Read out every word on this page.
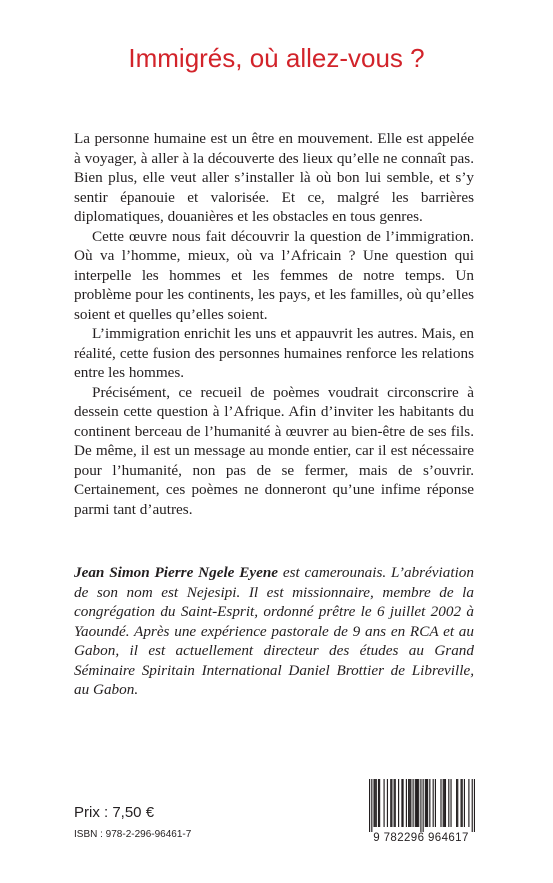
Immigrés, où allez-vous ?

La personne humaine est un être en mouvement. Elle est appelée à voyager, à aller à la découverte des lieux qu’elle ne connaît pas. Bien plus, elle veut aller s’installer là où bon lui semble, et s’y sentir épanouie et valorisée. Et ce, malgré les barrières diplomatiques, douanières et les obstacles en tous genres.

Cette œuvre nous fait découvrir la question de l’immigration. Où va l’homme, mieux, où va l’Africain ? Une question qui interpelle les hommes et les femmes de notre temps. Un problème pour les continents, les pays, et les familles, où qu’elles soient et quelles qu’elles soient.

L’immigration enrichit les uns et appauvrit les autres. Mais, en réalité, cette fusion des personnes humaines renforce les relations entre les hommes.

Précisément, ce recueil de poèmes voudrait circonscrire à dessein cette question à l’Afrique. Afin d’inviter les habitants du continent berceau de l’humanité à œuvrer au bien-être de ses fils. De même, il est un message au monde entier, car il est nécessaire pour l’humanité, non pas de se fermer, mais de s’ouvrir. Certainement, ces poèmes ne donneront qu’une infime réponse parmi tant d’autres.

Jean Simon Pierre Ngele Eyene est camerounais. L’abréviation de son nom est Nejesipi. Il est missionnaire, membre de la congrégation du Saint-Esprit, ordonné prêtre le 6 juillet 2002 à Yaoundé. Après une expérience pastorale de 9 ans en RCA et au Gabon, il est actuellement directeur des études au Grand Séminaire Spiritain International Daniel Brottier de Libreville, au Gabon.

Prix : 7,50 €
ISBN : 978-2-296-96461-7	9 782296 964617
